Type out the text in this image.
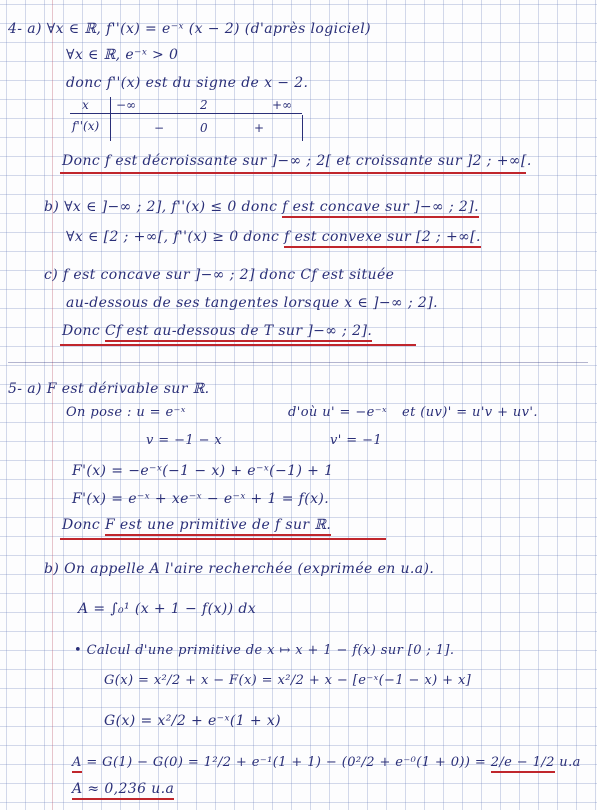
4- a) ∀x ∈ ℝ, f''(x) = e⁻ˣ (x − 2) (d'après logiciel)
∀x ∈ ℝ, e⁻ˣ > 0
donc f''(x) est du signe de x − 2.
x −∞	2	+∞
f''(x)	−	0	+
Donc f est décroissante sur ]−∞ ; 2[ et croissante sur ]2 ; +∞[.
b) ∀x ∈ ]−∞ ; 2], f''(x) ≤ 0 donc f est concave sur ]−∞ ; 2].
∀x ∈ [2 ; +∞[, f''(x) ≥ 0 donc f est convexe sur [2 ; +∞[.
c) f est concave sur ]−∞ ; 2] donc Cf est située
au-dessous de ses tangentes lorsque x ∈ ]−∞ ; 2].
Donc Cf est au-dessous de T sur ]−∞ ; 2].
5- a) F est dérivable sur ℝ.
On pose : u = e⁻ˣ	d'où u' = −e⁻ˣ et (uv)' = u'v + uv'.
v = −1 − x	v' = −1
F'(x) = −e⁻ˣ(−1 − x) + e⁻ˣ(−1) + 1
F'(x) = e⁻ˣ + xe⁻ˣ − e⁻ˣ + 1 = f(x).
Donc F est une primitive de f sur ℝ.
b) On appelle A l'aire recherchée (exprimée en u.a).
A = ∫₀¹ (x + 1 − f(x)) dx
• Calcul d'une primitive de x ↦ x + 1 − f(x) sur [0 ; 1].
G(x) = x²/2 + x − F(x) = x²/2 + x − [e⁻ˣ(−1 − x) + x]
G(x) = x²/2 + e⁻ˣ(1 + x)
A = G(1) − G(0) = 1²/2 + e⁻¹(1 + 1) − (0²/2 + e⁻⁰(1 + 0)) = 2/e − 1/2 u.a
A ≈ 0,236 u.a
